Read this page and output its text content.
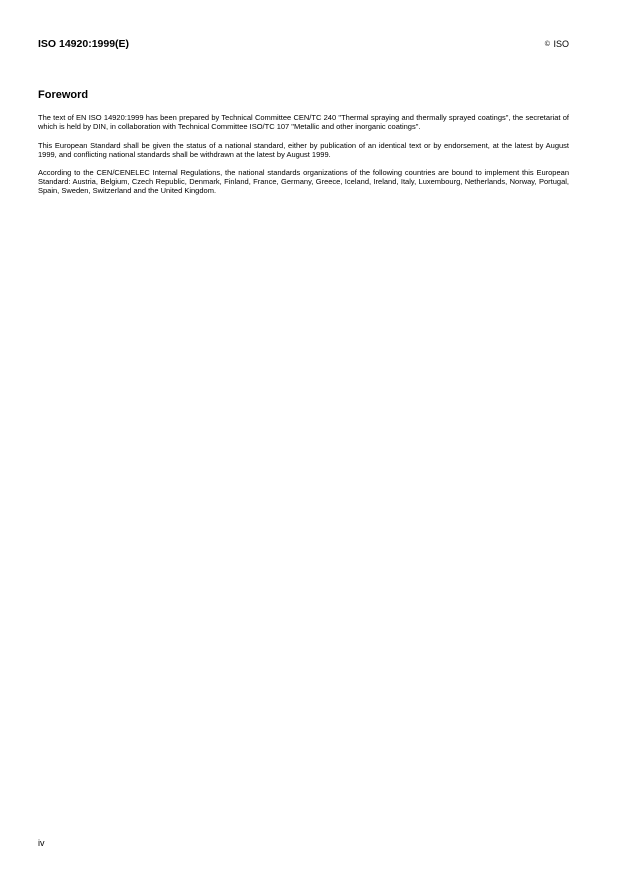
ISO 14920:1999(E)	© ISO
Foreword

The text of EN ISO 14920:1999 has been prepared by Technical Committee CEN/TC 240 "Thermal spraying and thermally sprayed coatings", the secretariat of which is held by DIN, in collaboration with Technical Committee ISO/TC 107 "Metallic and other inorganic coatings".

This European Standard shall be given the status of a national standard, either by publication of an identical text or by endorsement, at the latest by August 1999, and conflicting national standards shall be withdrawn at the latest by August 1999.

According to the CEN/CENELEC Internal Regulations, the national standards organizations of the following countries are bound to implement this European Standard: Austria, Belgium, Czech Republic, Denmark, Finland, France, Germany, Greece, Iceland, Ireland, Italy, Luxembourg, Netherlands, Norway, Portugal, Spain, Sweden, Switzerland and the United Kingdom.

iv
